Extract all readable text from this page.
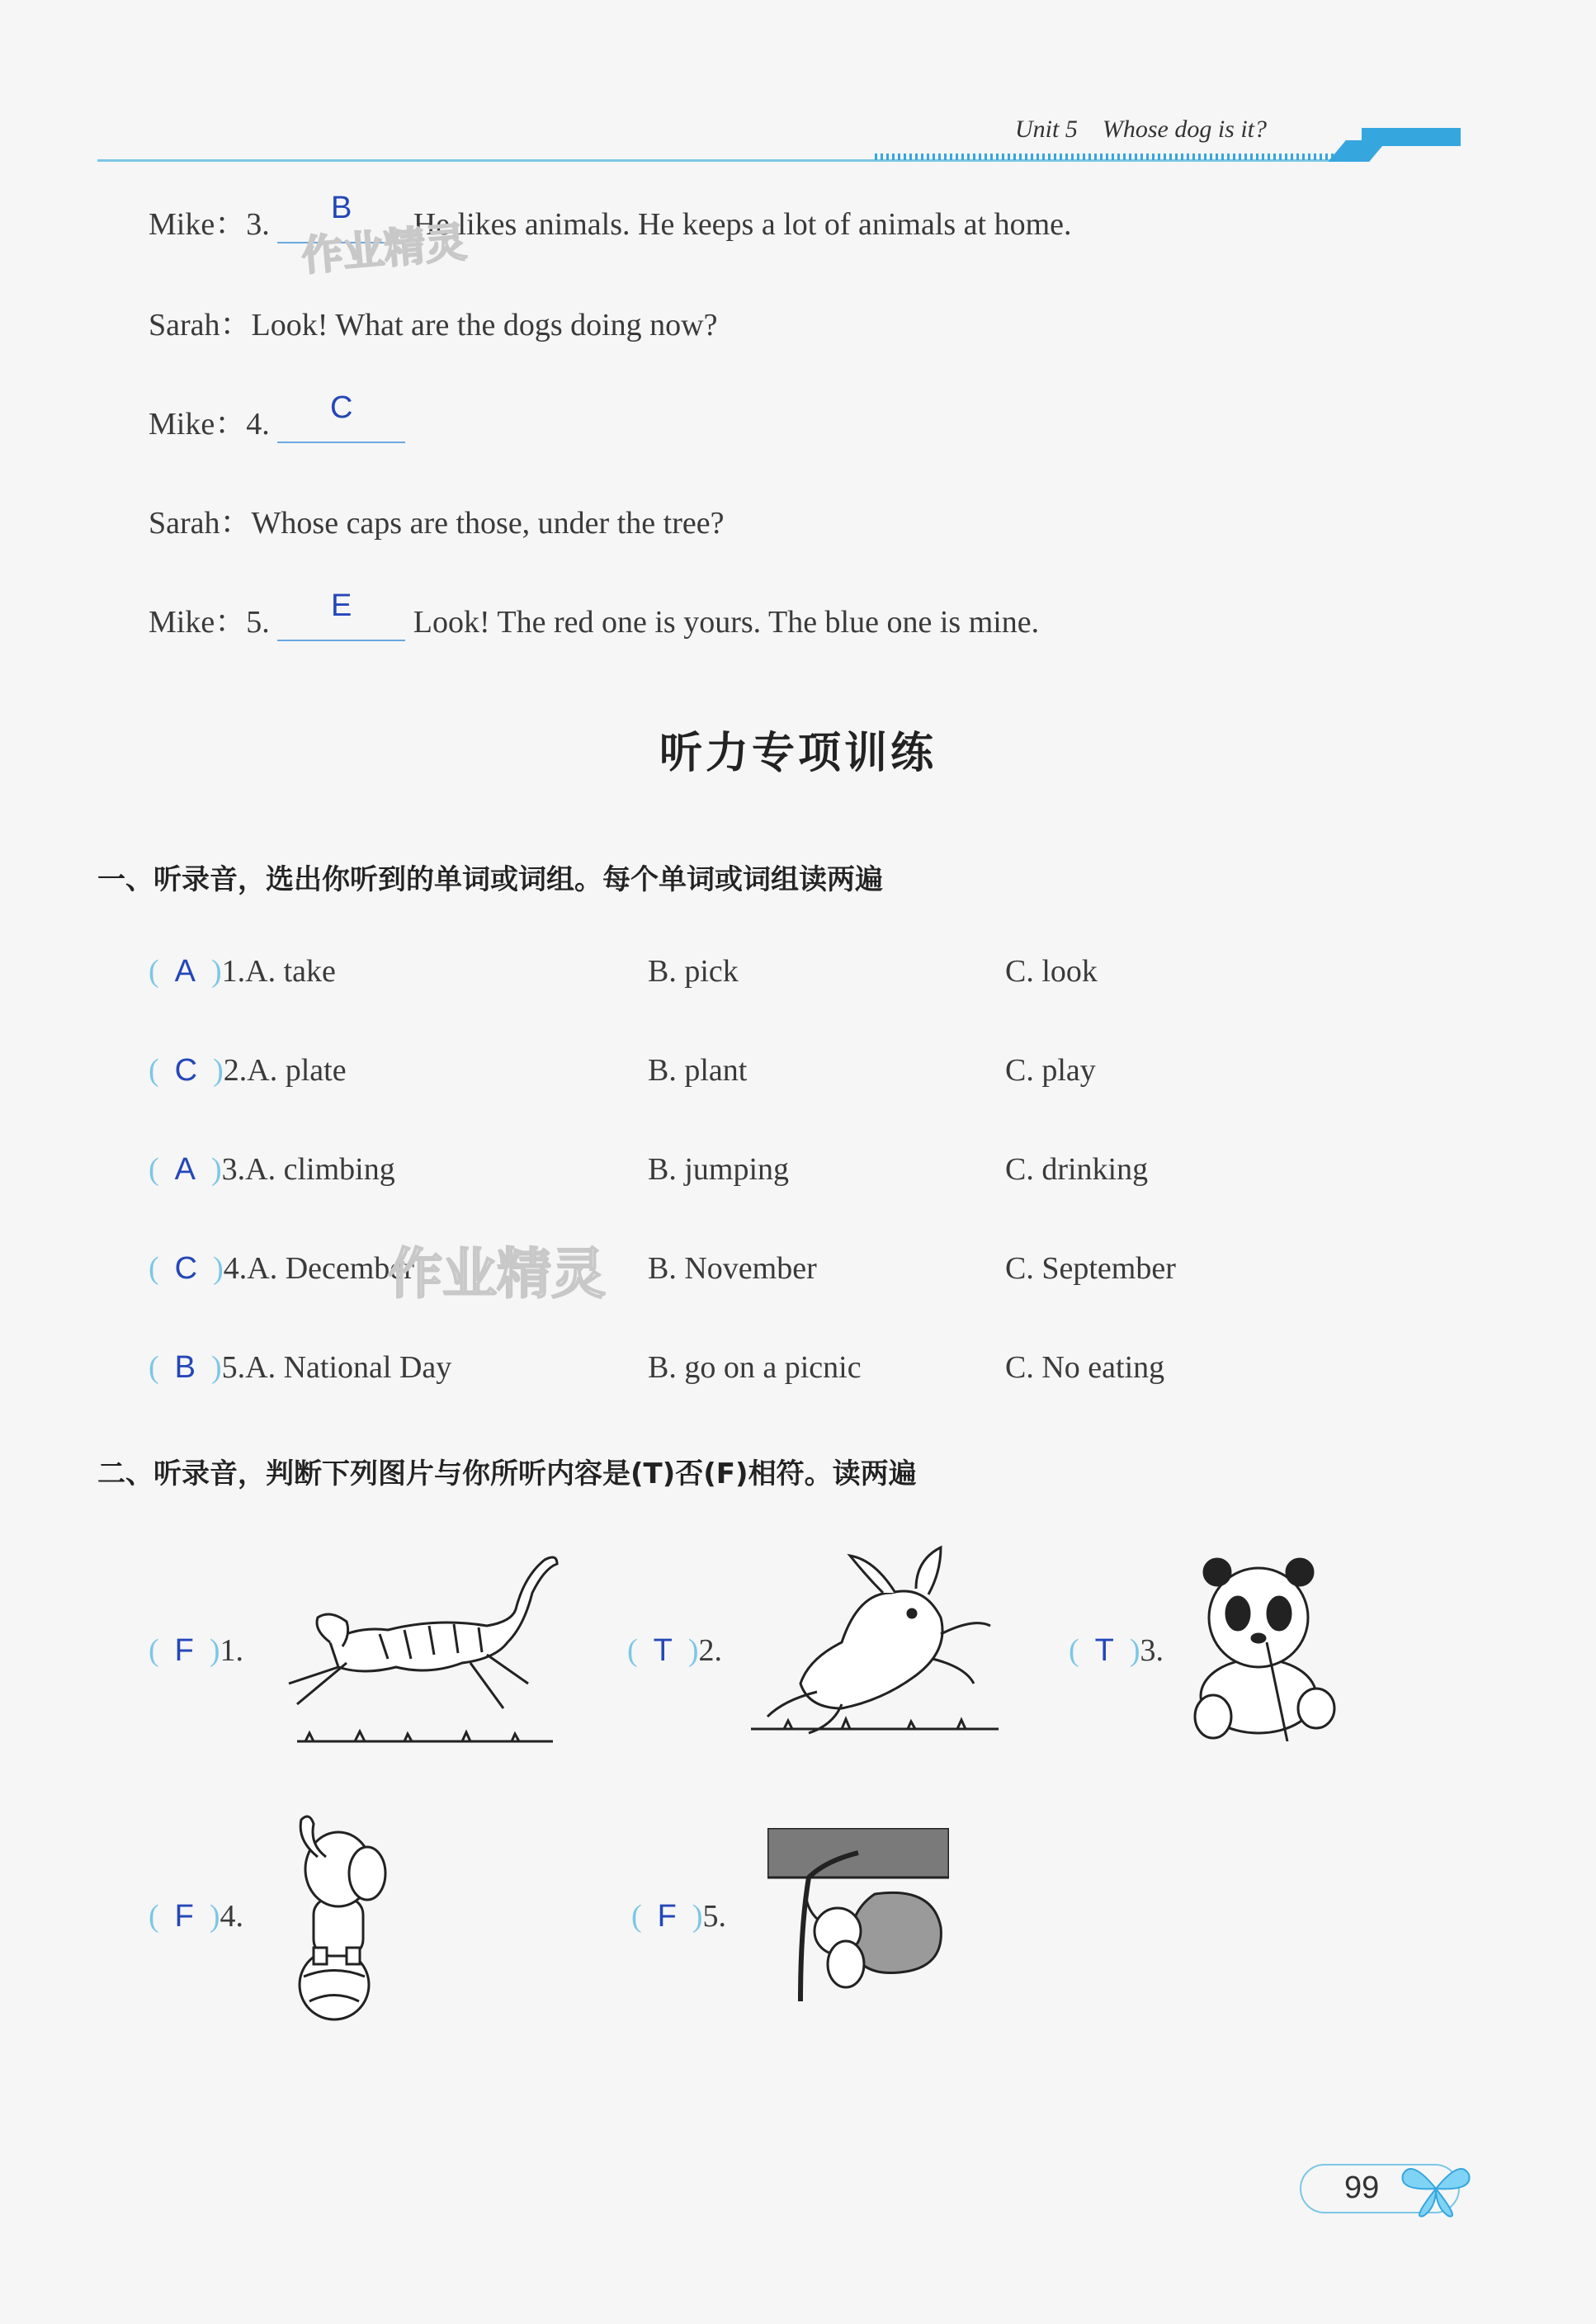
Unit 5 Whose dog is it?
Mike：3.	B	He likes animals. He keeps a lot of animals at home.
Sarah：Look! What are the dogs doing now?
Mike：4.	C
Sarah：Whose caps are those, under the tree?
Mike：5.	E	Look! The red one is yours. The blue one is mine.
听力专项训练
一、听录音，选出你听到的单词或词组。每个单词或词组读两遍
( A )1.A. take	B. pick	C. look
( C )2.A. plate	B. plant	C. play
( A )3.A. climbing	B. jumping	C. drinking
( C )4.A. December	B. November	C. September
( B )5.A. National Day	B. go on a picnic	C. No eating
二、听录音，判断下列图片与你所听内容是(T)否(F)相符。读两遍
( F )1.	( T )2.	( T )3.
( F )4.	( F )5.
作业精灵
作业精灵
99
